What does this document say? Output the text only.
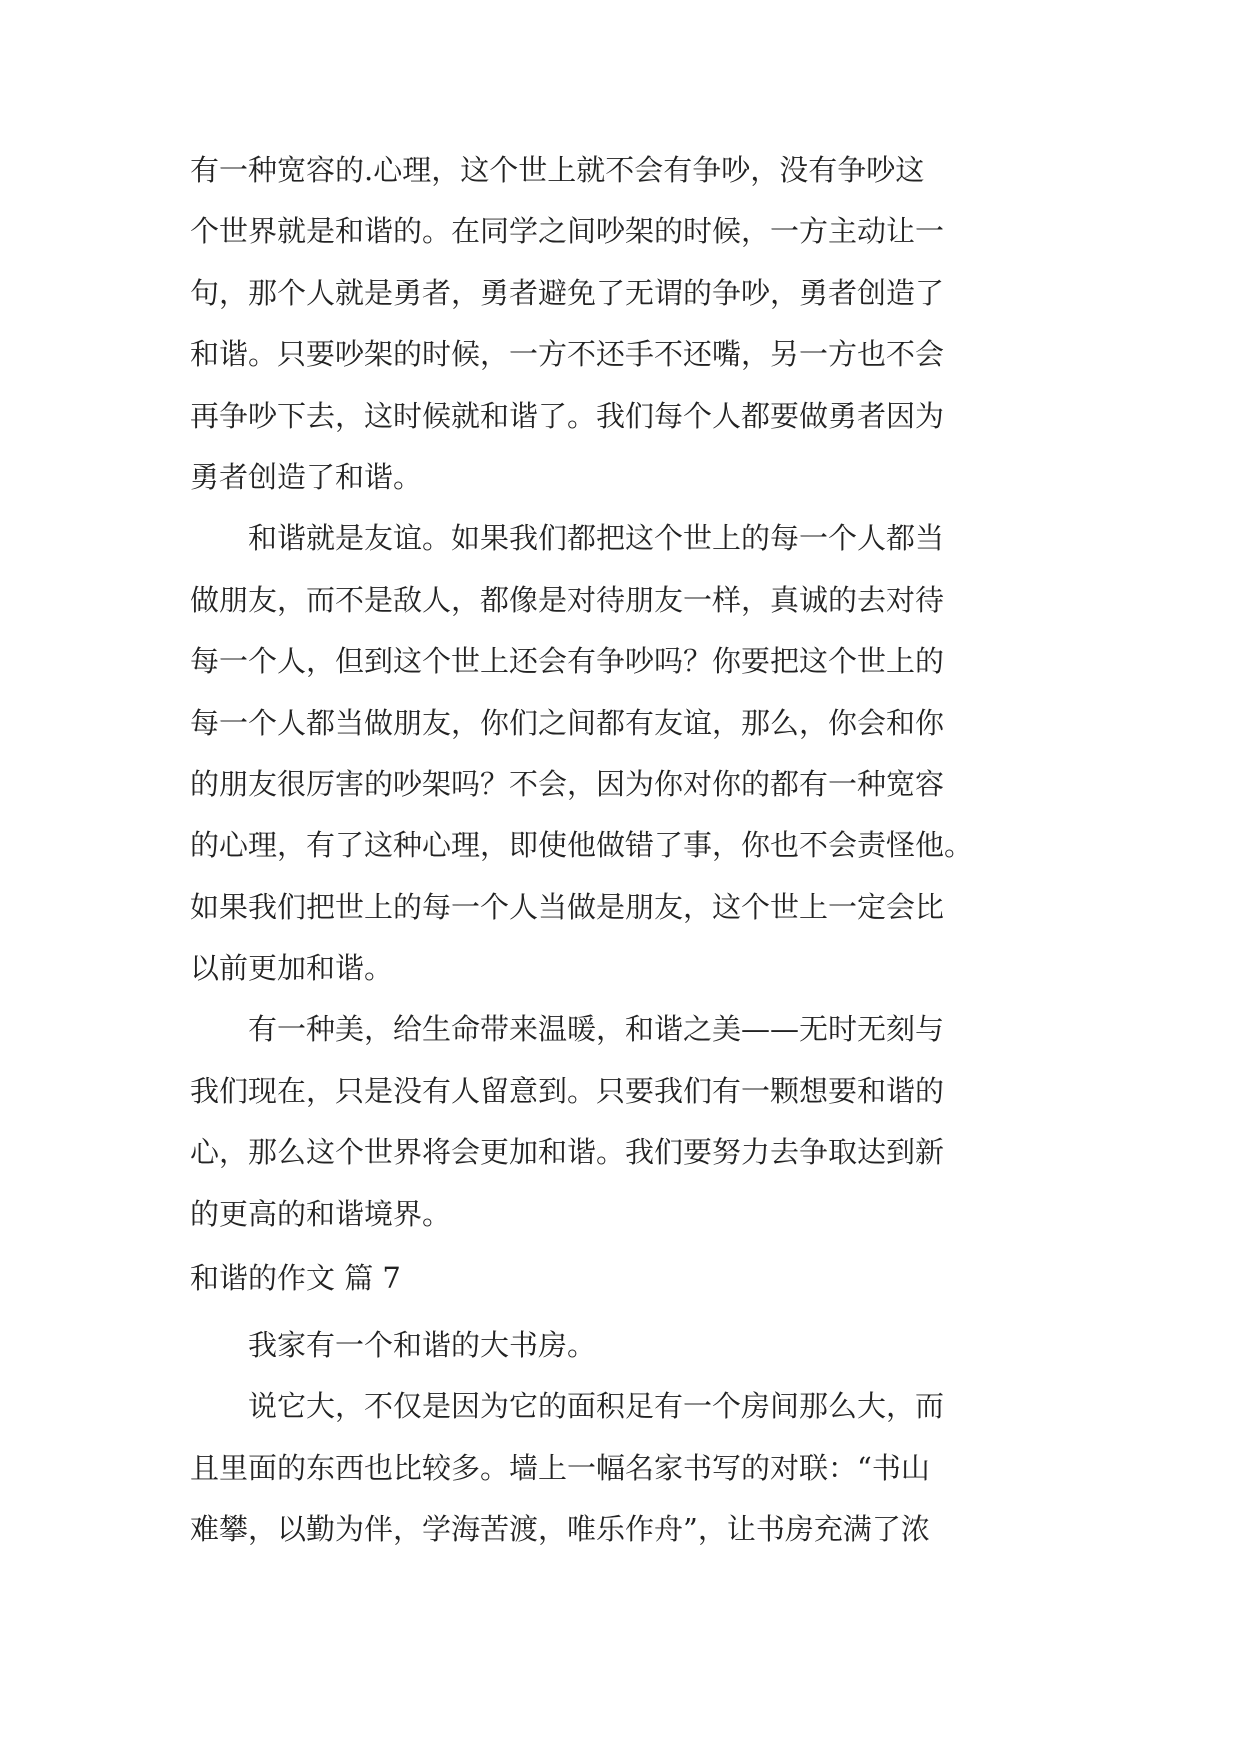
有一种宽容的.心理，这个世上就不会有争吵，没有争吵这
个世界就是和谐的。在同学之间吵架的时候，一方主动让一
句，那个人就是勇者，勇者避免了无谓的争吵，勇者创造了
和谐。只要吵架的时候，一方不还手不还嘴，另一方也不会
再争吵下去，这时候就和谐了。我们每个人都要做勇者因为
勇者创造了和谐。
　　和谐就是友谊。如果我们都把这个世上的每一个人都当
做朋友，而不是敌人，都像是对待朋友一样，真诚的去对待
每一个人，但到这个世上还会有争吵吗？你要把这个世上的
每一个人都当做朋友，你们之间都有友谊，那么，你会和你
的朋友很厉害的吵架吗？不会，因为你对你的都有一种宽容
的心理，有了这种心理，即使他做错了事，你也不会责怪他。
如果我们把世上的每一个人当做是朋友，这个世上一定会比
以前更加和谐。
　　有一种美，给生命带来温暖，和谐之美——无时无刻与
我们现在，只是没有人留意到。只要我们有一颗想要和谐的
心，那么这个世界将会更加和谐。我们要努力去争取达到新
的更高的和谐境界。
和谐的作文 篇 7
　　我家有一个和谐的大书房。
　　说它大，不仅是因为它的面积足有一个房间那么大，而
且里面的东西也比较多。墙上一幅名家书写的对联：“书山
难攀，以勤为伴，学海苦渡，唯乐作舟”，让书房充满了浓
